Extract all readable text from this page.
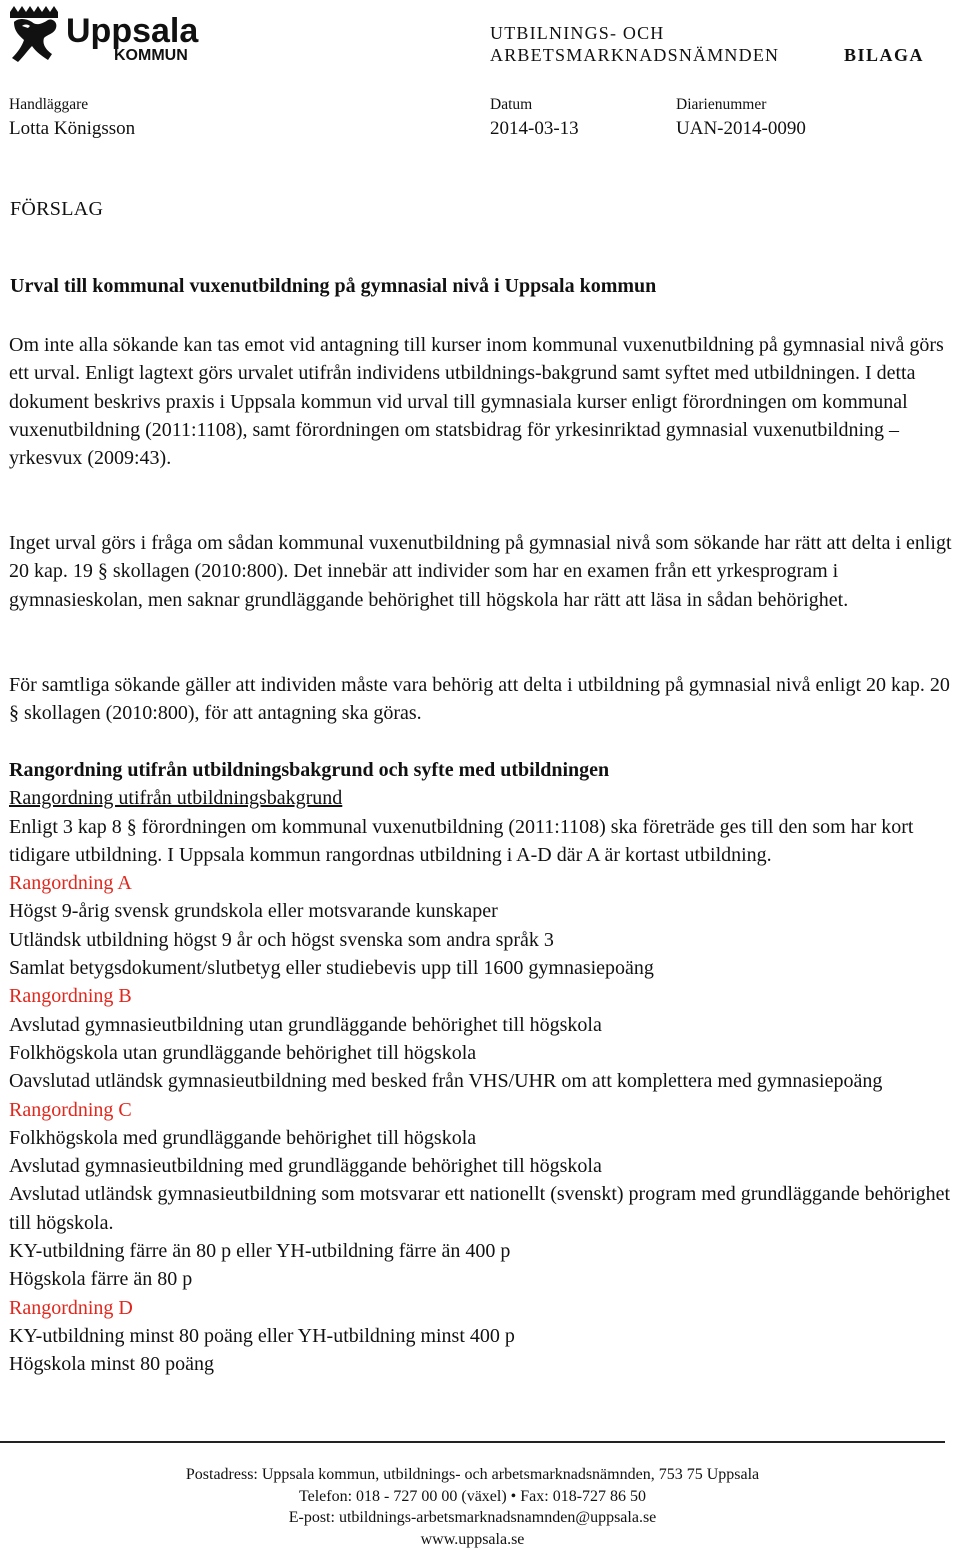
Uppsala
KOMMUN
UTBILNINGS- OCH
ARBETSMARKNADSNÄMNDEN	BILAGA
Handläggare
Lotta Königsson
Datum
2014-03-13
Diarienummer
UAN-2014-0090
FÖRSLAG
Urval till kommunal vuxenutbildning på gymnasial nivå i Uppsala kommun

Om inte alla sökande kan tas emot vid antagning till kurser inom kommunal vuxenutbildning på gymnasial nivå görs ett urval. Enligt lagtext görs urvalet utifrån individens utbildnings-bakgrund samt syftet med utbildningen. I detta dokument beskrivs praxis i Uppsala kommun vid urval till gymnasiala kurser enligt förordningen om kommunal vuxenutbildning (2011:1108), samt förordningen om statsbidrag för yrkesinriktad gymnasial vuxenutbildning – yrkesvux (2009:43).

Inget urval görs i fråga om sådan kommunal vuxenutbildning på gymnasial nivå som sökande har rätt att delta i enligt 20 kap. 19 § skollagen (2010:800). Det innebär att individer som har en examen från ett yrkesprogram i gymnasieskolan, men saknar grundläggande behörighet till högskola har rätt att läsa in sådan behörighet.

För samtliga sökande gäller att individen måste vara behörig att delta i utbildning på gymnasial nivå enligt 20 kap. 20 § skollagen (2010:800), för att antagning ska göras.

Rangordning utifrån utbildningsbakgrund och syfte med utbildningen
Rangordning utifrån utbildningsbakgrund
Enligt 3 kap 8 § förordningen om kommunal vuxenutbildning (2011:1108) ska företräde ges till den som har kort tidigare utbildning. I Uppsala kommun rangordnas utbildning i A-D där A är kortast utbildning.
Rangordning A
Högst 9-årig svensk grundskola eller motsvarande kunskaper
Utländsk utbildning högst 9 år och högst svenska som andra språk 3
Samlat betygsdokument/slutbetyg eller studiebevis upp till 1600 gymnasiepoäng
Rangordning B
Avslutad gymnasieutbildning utan grundläggande behörighet till högskola
Folkhögskola utan grundläggande behörighet till högskola
Oavslutad utländsk gymnasieutbildning med besked från VHS/UHR om att komplettera med gymnasiepoäng
Rangordning C
Folkhögskola med grundläggande behörighet till högskola
Avslutad gymnasieutbildning med grundläggande behörighet till högskola
Avslutad utländsk gymnasieutbildning som motsvarar ett nationellt (svenskt) program med grundläggande behörighet till högskola.
KY-utbildning färre än 80 p eller YH-utbildning färre än 400 p
Högskola färre än 80 p
Rangordning D
KY-utbildning minst 80 poäng eller YH-utbildning minst 400 p
Högskola minst 80 poäng
Postadress: Uppsala kommun, utbildnings- och arbetsmarknadsnämnden, 753 75 Uppsala
Telefon: 018 - 727 00 00 (växel) • Fax: 018-727 86 50
E-post: utbildnings-arbetsmarknadsnamnden@uppsala.se
www.uppsala.se
